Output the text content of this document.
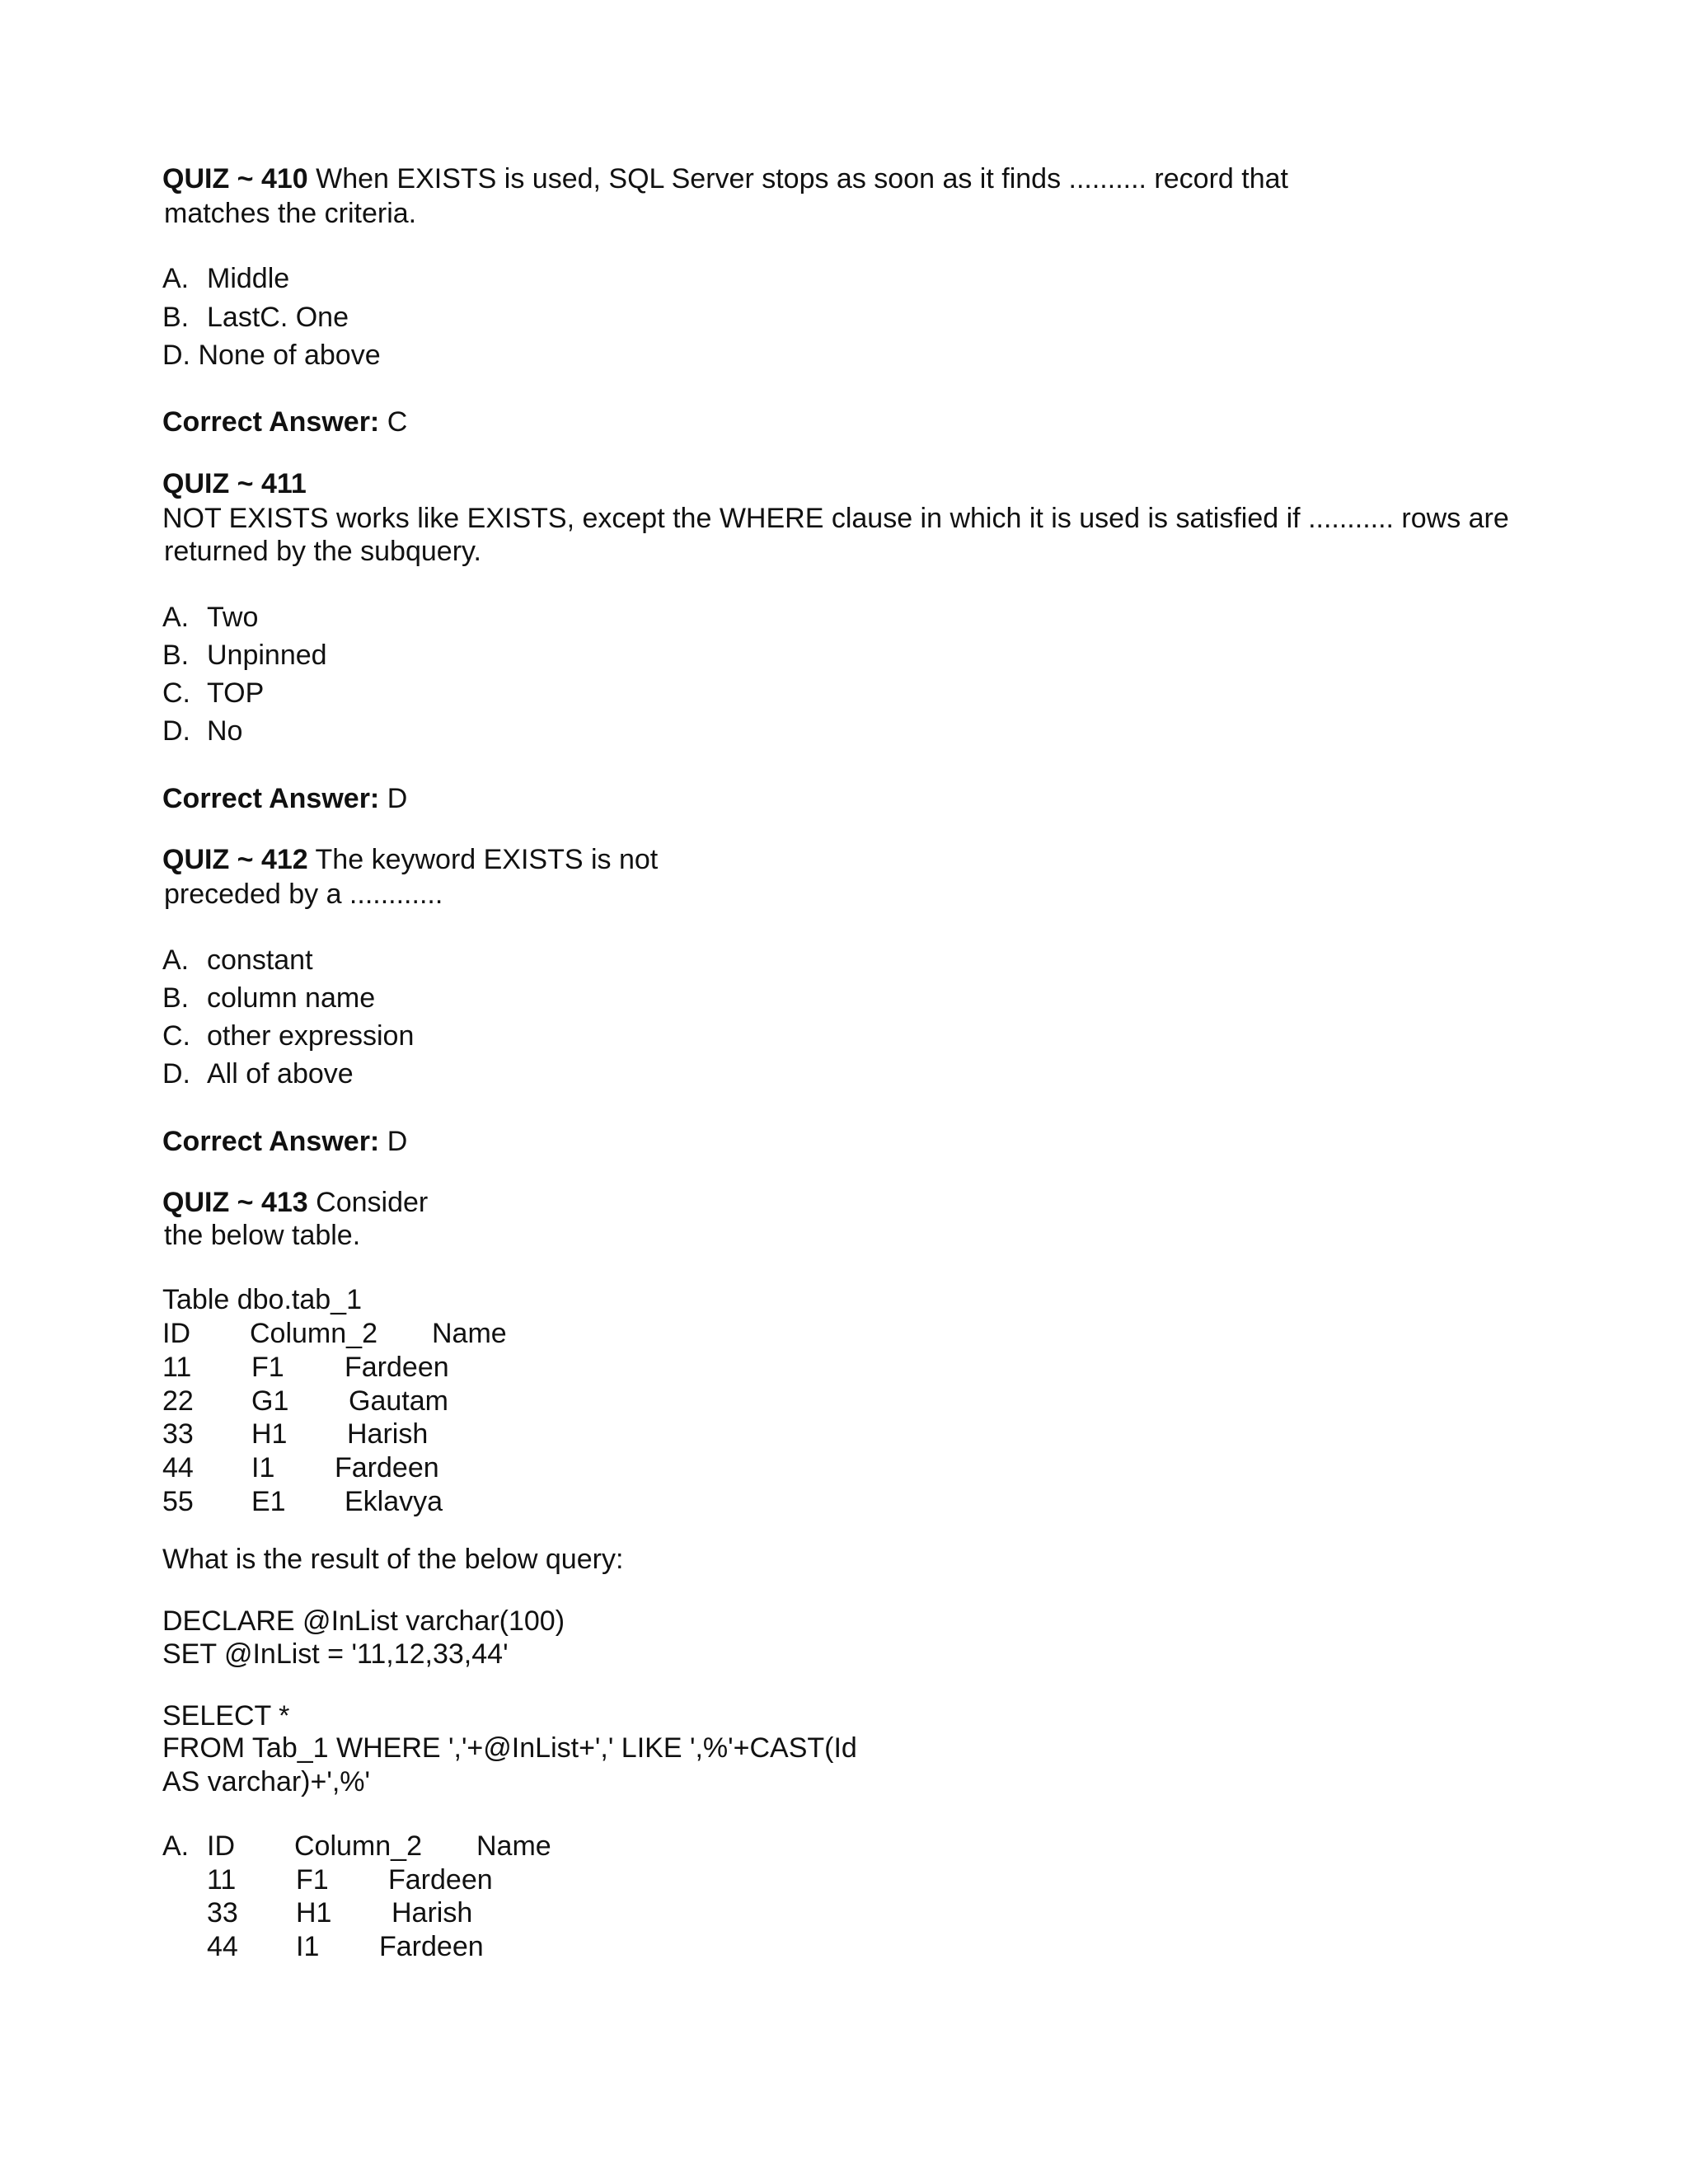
QUIZ ~ 410 When EXISTS is used, SQL Server stops as soon as it finds .......... record that
matches the criteria.
A. Middle
B. LastC. One
D. None of above
Correct Answer: C
QUIZ ~ 411
NOT EXISTS works like EXISTS, except the WHERE clause in which it is used is satisfied if ........... rows are
returned by the subquery.
A. Two
B. Unpinned
C. TOP
D. No
Correct Answer: D
QUIZ ~ 412 The keyword EXISTS is not
preceded by a ............
A. constant
B. column name
C. other expression
D. All of above
Correct Answer: D
QUIZ ~ 413 Consider
the below table.
Table dbo.tab_1
ID Column_2 Name
11 F1 Fardeen
22 G1 Gautam
33 H1 Harish
44 I1 Fardeen
55 E1 Eklavya
What is the result of the below query:
DECLARE @InList varchar(100)
SET @InList = '11,12,33,44'
SELECT *
FROM Tab_1 WHERE ','+@InList+',' LIKE ',%'+CAST(Id
AS varchar)+',%'
A. ID Column_2 Name
11 F1 Fardeen
33 H1 Harish
44 I1 Fardeen
